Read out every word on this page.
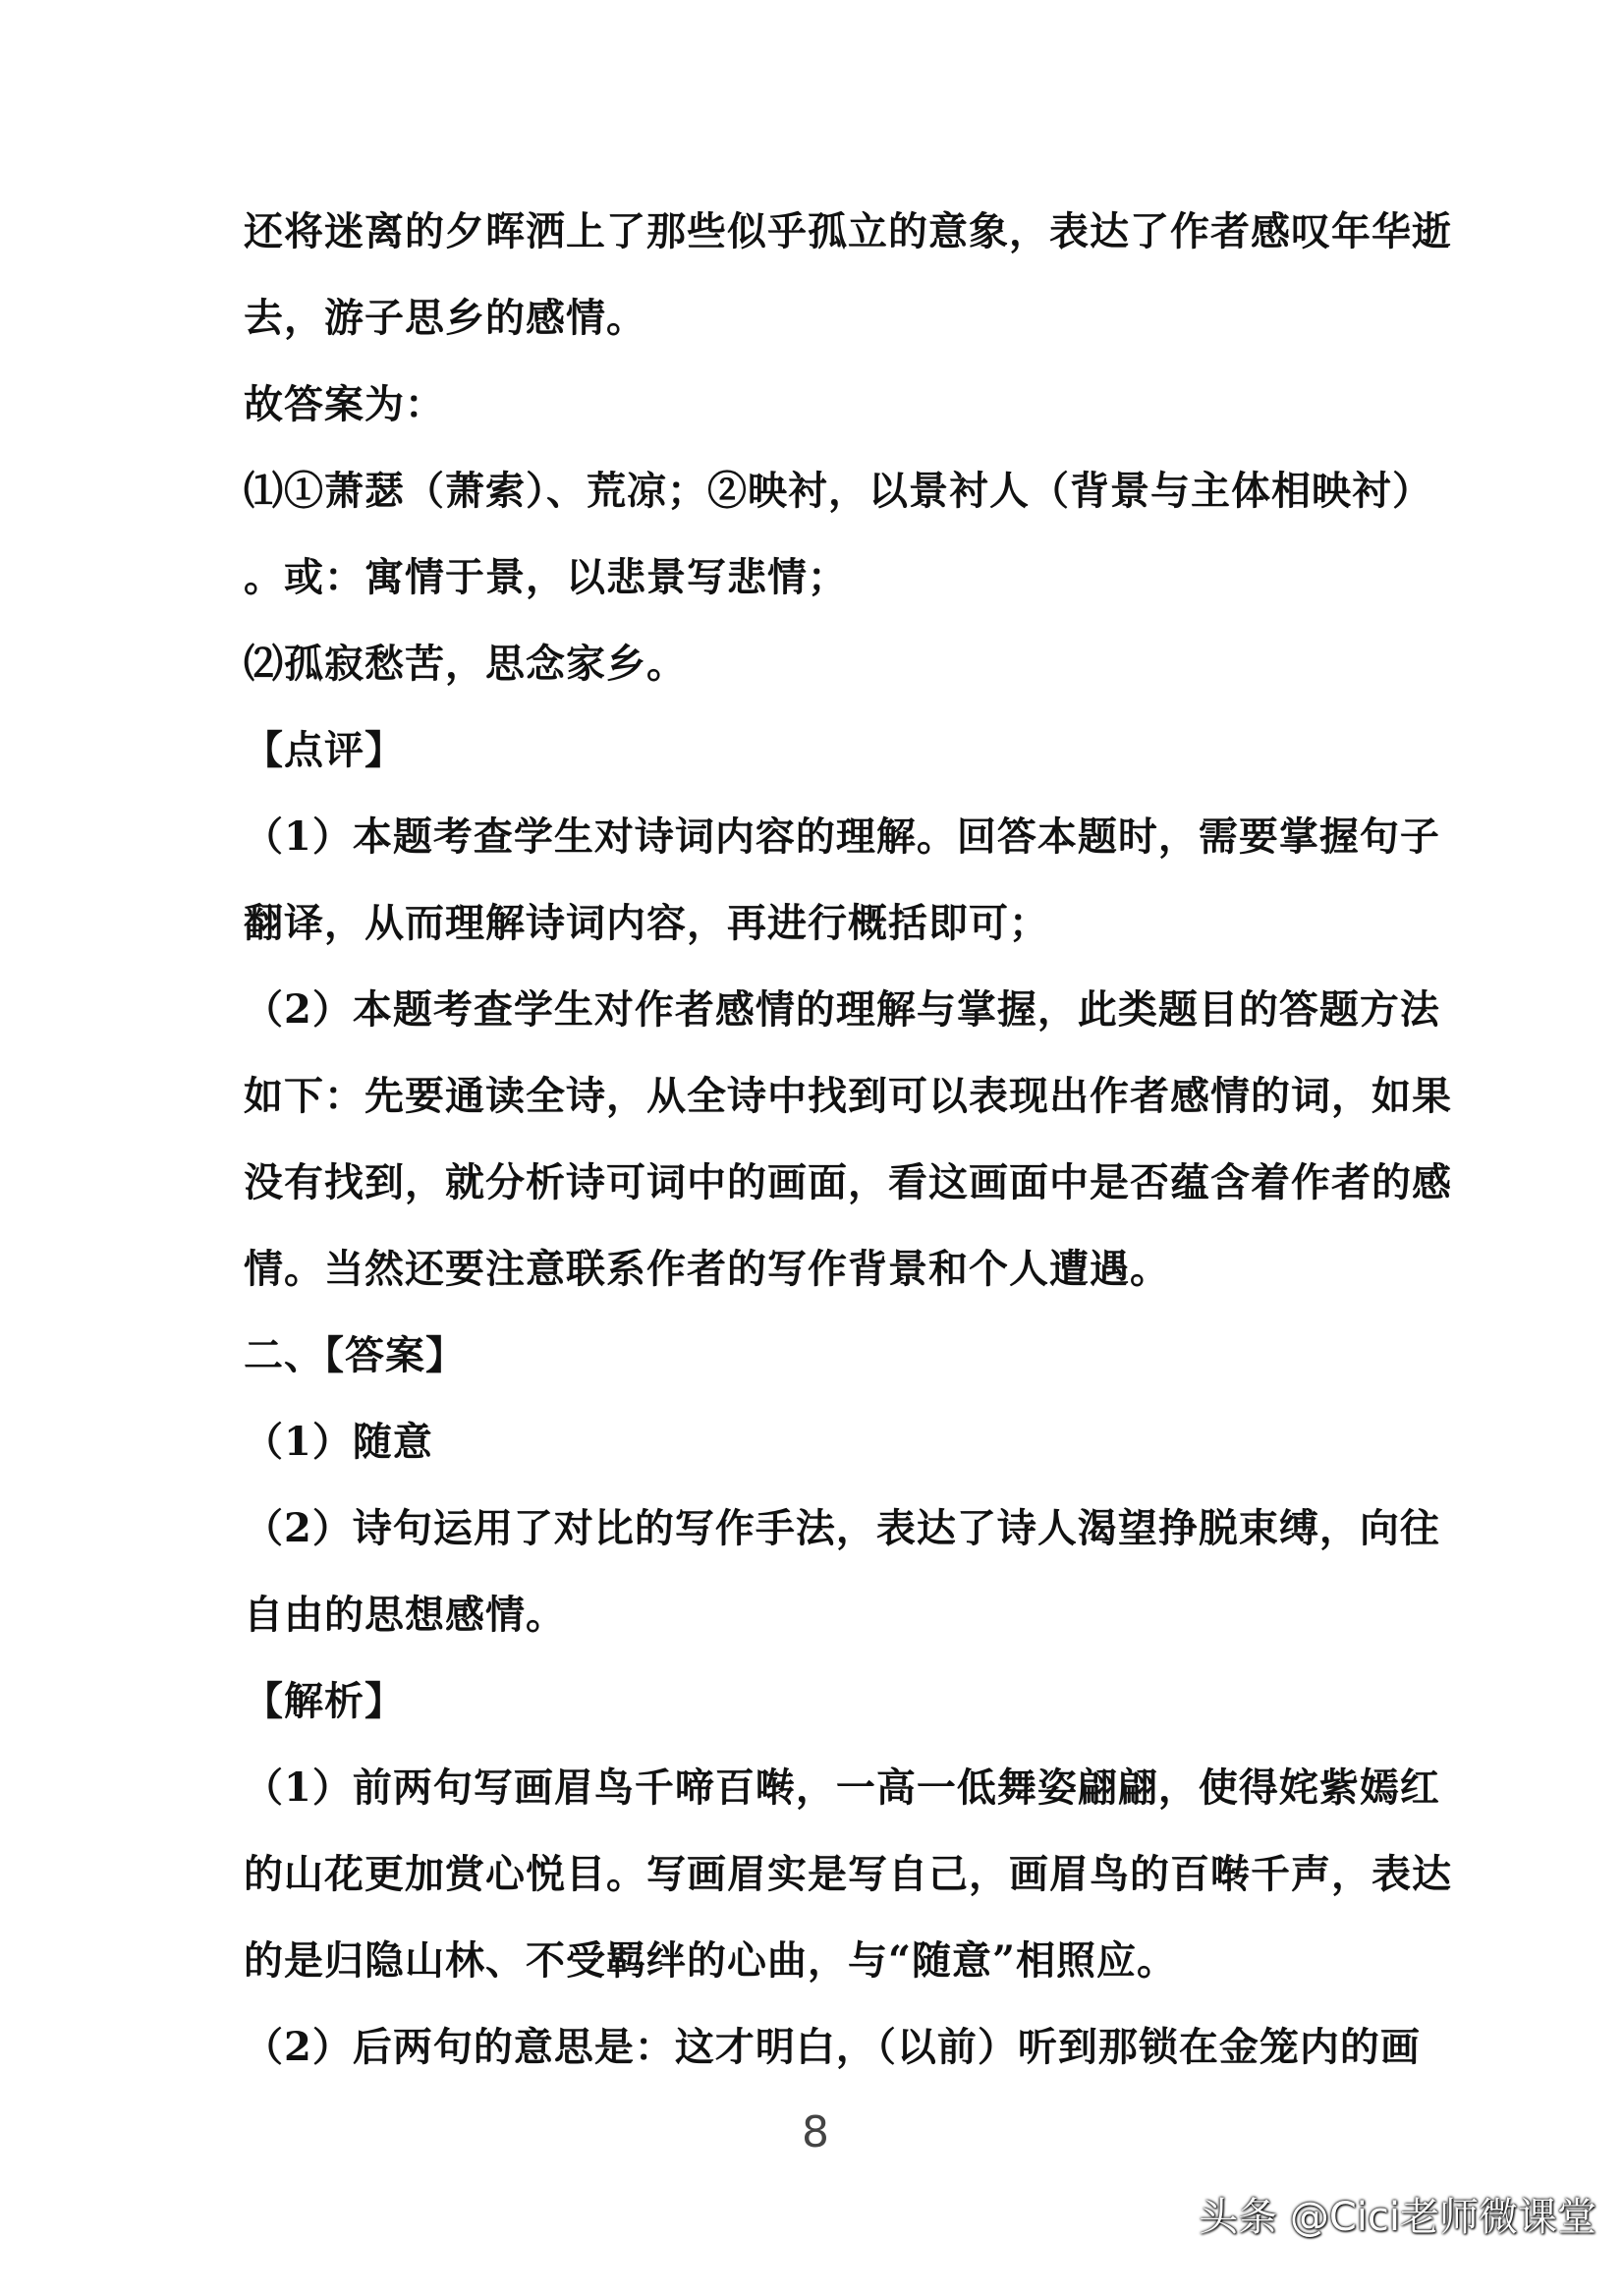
还将迷离的夕晖洒上了那些似乎孤立的意象，表达了作者感叹年华逝
去，游子思乡的感情。
故答案为：
⑴①萧瑟（萧索）、荒凉；②映衬，以景衬人（背景与主体相映衬）
。或：寓情于景，以悲景写悲情；
⑵孤寂愁苦，思念家乡。
【点评】
（1）本题考查学生对诗词内容的理解。回答本题时，需要掌握句子
翻译，从而理解诗词内容，再进行概括即可；
（2）本题考查学生对作者感情的理解与掌握，此类题目的答题方法
如下：先要通读全诗，从全诗中找到可以表现出作者感情的词，如果
没有找到，就分析诗可词中的画面，看这画面中是否蕴含着作者的感
情。当然还要注意联系作者的写作背景和个人遭遇。
二、【答案】
（1）随意
（2）诗句运用了对比的写作手法，表达了诗人渴望挣脱束缚，向往
自由的思想感情。
【解析】
（1）前两句写画眉鸟千啼百啭，一高一低舞姿翩翩，使得姹紫嫣红
的山花更加赏心悦目。写画眉实是写自己，画眉鸟的百啭千声，表达
的是归隐山林、不受羁绊的心曲，与“随意”相照应。
（2）后两句的意思是：这才明白，（以前）听到那锁在金笼内的画
8
头条 @Cici老师微课堂
